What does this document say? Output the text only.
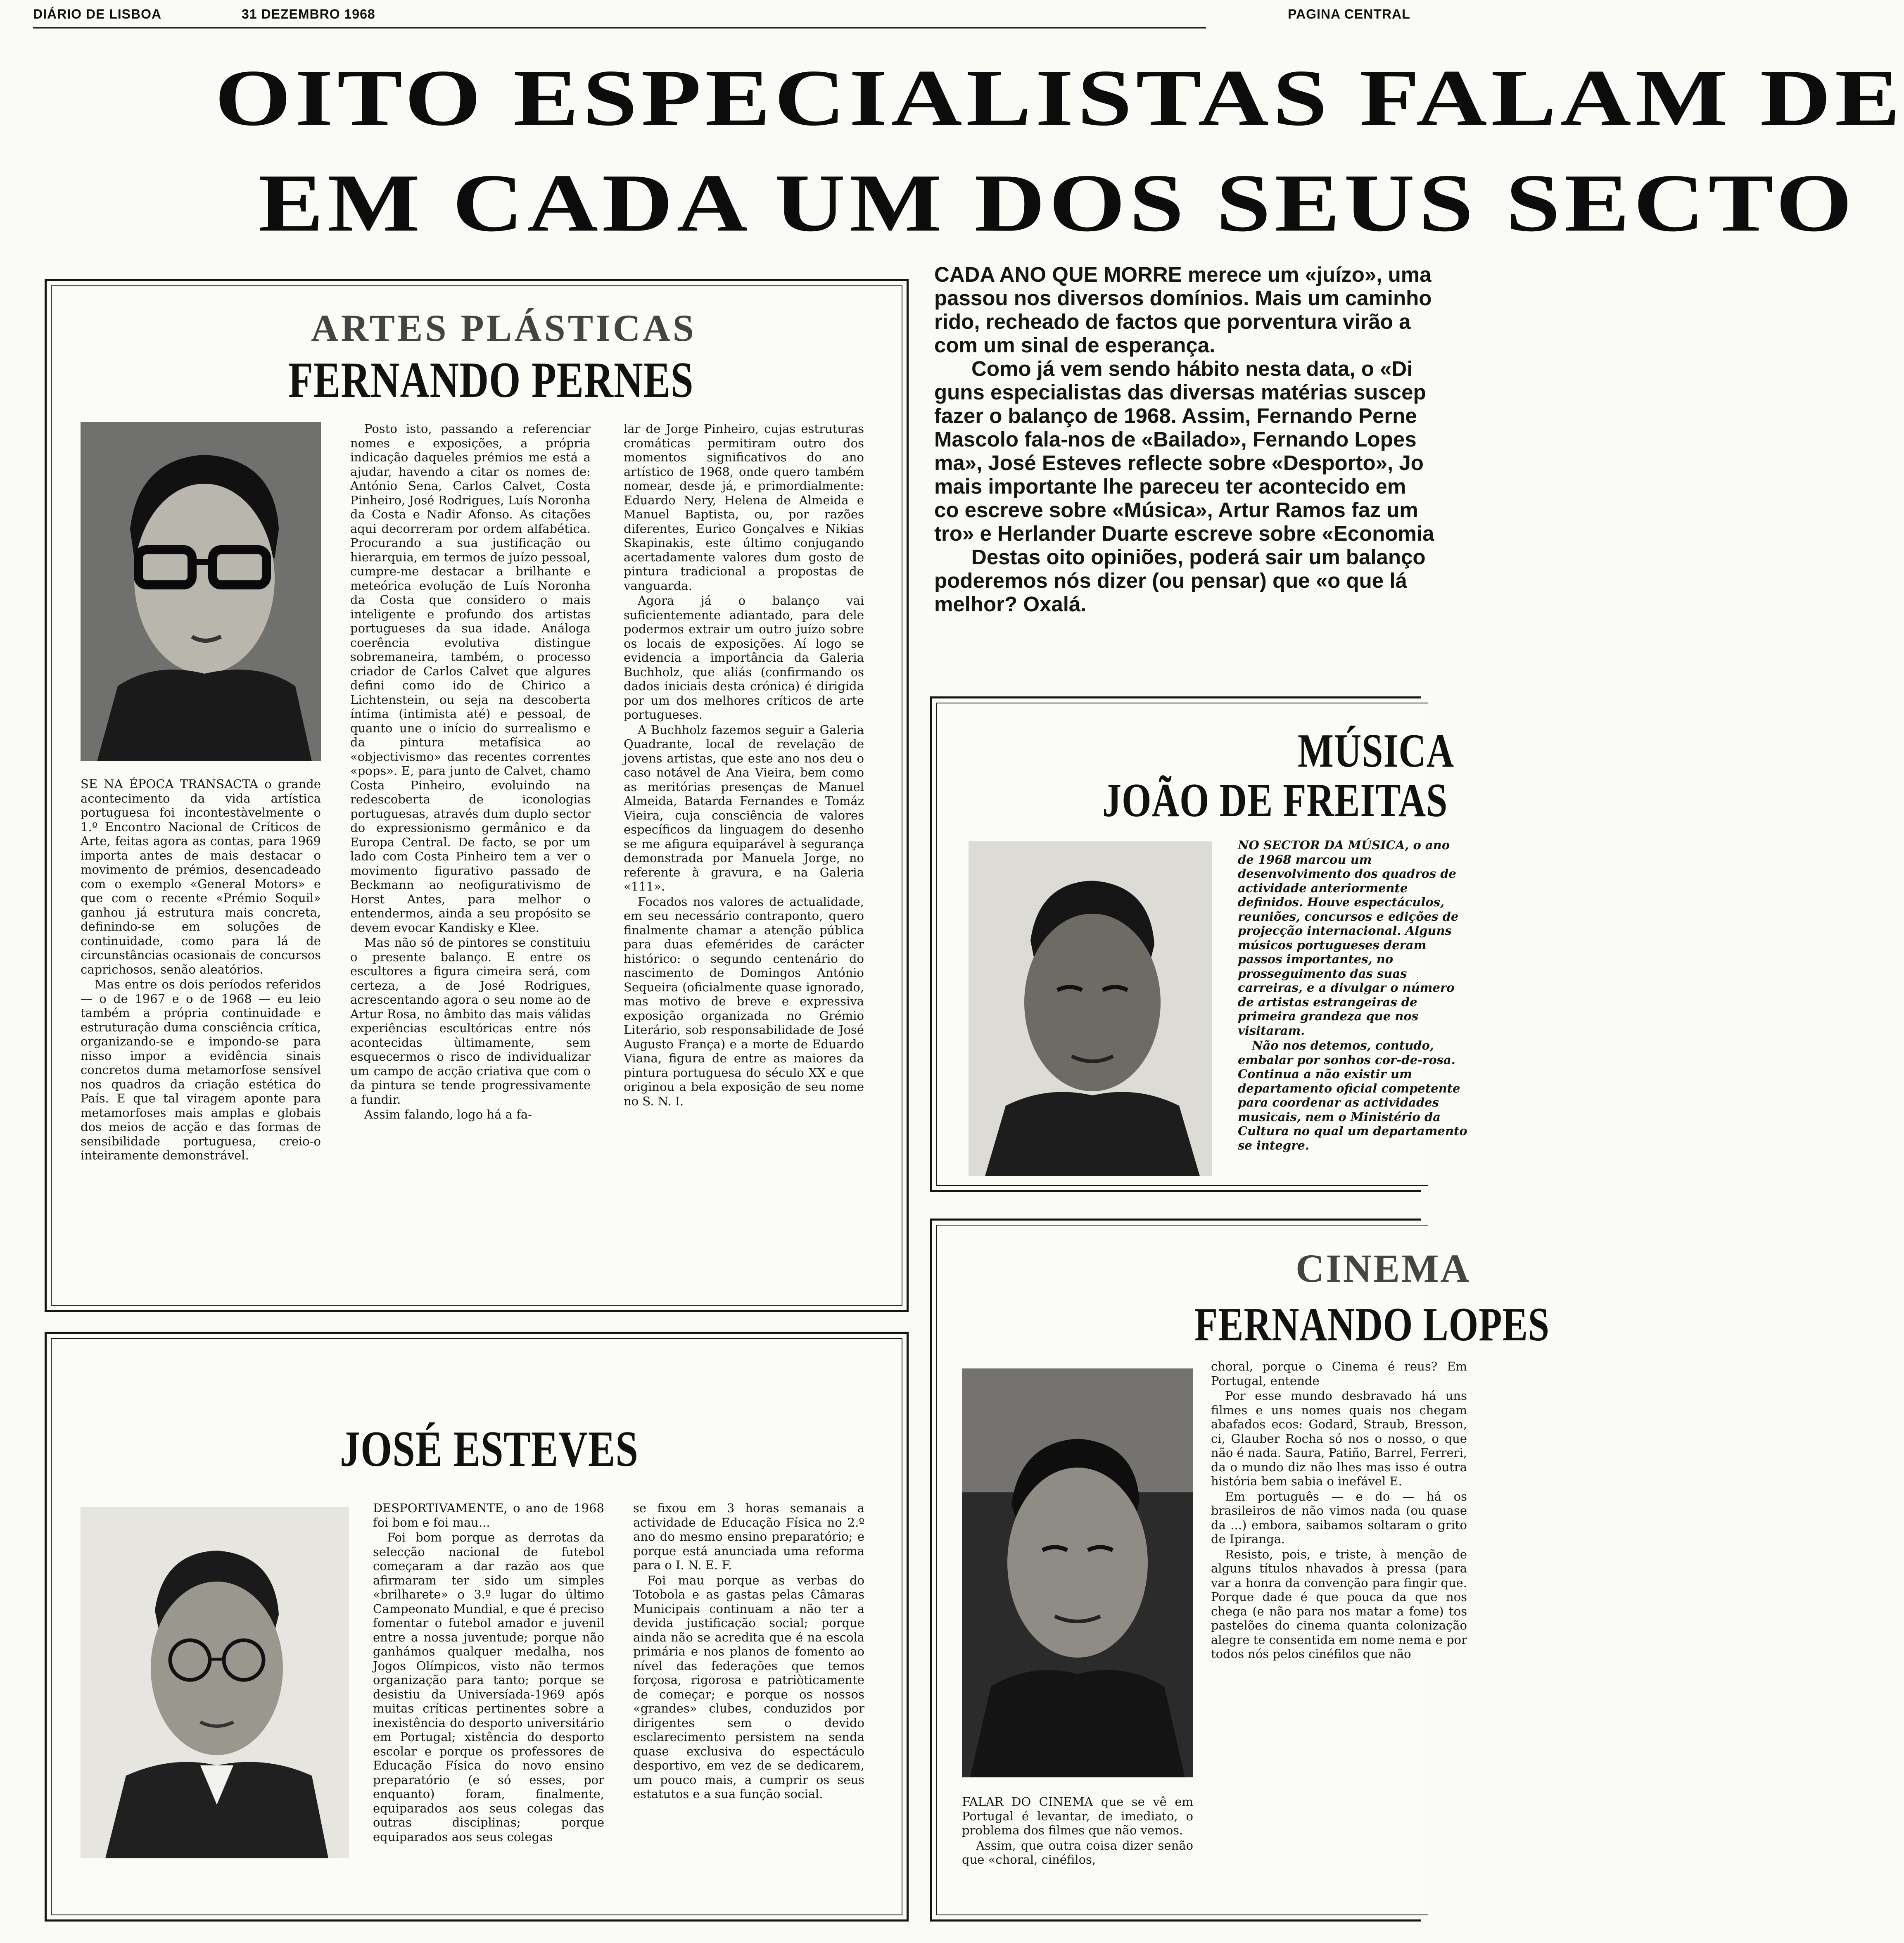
DIÁRIO DE LISBOA	31 DEZEMBRO 1968	PAGINA CENTRAL
OITO ESPECIALISTAS FALAM DE
EM CADA UM DOS SEUS SECTO

CADA ANO QUE MORRE merece um «juízo», uma

passou nos diversos domínios. Mais um caminho

rido, recheado de factos que porventura virão a

com um sinal de esperança.

Como já vem sendo hábito nesta data, o «Di

guns especialistas das diversas matérias suscep

fazer o balanço de 1968. Assim, Fernando Perne

Mascolo fala-nos de «Bailado», Fernando Lopes

ma», José Esteves reflecte sobre «Desporto», Jo

mais importante lhe pareceu ter acontecido em

co escreve sobre «Música», Artur Ramos faz um

tro» e Herlander Duarte escreve sobre «Economia

Destas oito opiniões, poderá sair um balanço

poderemos nós dizer (ou pensar) que «o que lá

melhor? Oxalá.

ARTES PLÁSTICAS
FERNANDO PERNES

SE NA ÉPOCA TRANSACTA o grande acontecimento da vida artística portuguesa foi incontestàvelmente o 1.º Encontro Nacional de Críticos de Arte, feitas agora as contas, para 1969 importa antes de mais destacar o movimento de prémios, desencadeado com o exemplo «General Motors» e que com o recente «Prémio Soquil» ganhou já estrutura mais concreta, definindo-se em soluções de continuidade, como para lá de circunstâncias ocasionais de concursos caprichosos, senão aleatórios.

Mas entre os dois períodos referidos — o de 1967 e o de 1968 — eu leio também a própria continuidade e estruturação duma consciência crítica, organizando-se e impondo-se para nisso impor a evidência sinais concretos duma metamorfose sensível nos quadros da criação estética do País. E que tal viragem aponte para metamorfoses mais amplas e globais dos meios de acção e das formas de sensibilidade portuguesa, creio-o inteiramente demonstrável.

Posto isto, passando a referenciar nomes e exposições, a própria indicação daqueles prémios me está a ajudar, havendo a citar os nomes de: António Sena, Carlos Calvet, Costa Pinheiro, José Rodrigues, Luís Noronha da Costa e Nadir Afonso. As citações aqui decorreram por ordem alfabética. Procurando a sua justificação ou hierarquia, em termos de juízo pessoal, cumpre-me destacar a brilhante e meteórica evolução de Luís Noronha da Costa que considero o mais inteligente e profundo dos artistas portugueses da sua idade. Análoga coerência evolutiva distingue sobremaneira, também, o processo criador de Carlos Calvet que algures defini como ido de Chirico a Lichtenstein, ou seja na descoberta íntima (intimista até) e pessoal, de quanto une o início do surrealismo e da pintura metafísica ao «objectivismo» das recentes correntes «pops». E, para junto de Calvet, chamo Costa Pinheiro, evoluindo na redescoberta de iconologias portuguesas, através dum duplo sector do expressionismo germânico e da Europa Central. De facto, se por um lado com Costa Pinheiro tem a ver o movimento figurativo passado de Beckmann ao neofigurativismo de Horst Antes, para melhor o entendermos, ainda a seu propósito se devem evocar Kandisky e Klee.

Mas não só de pintores se constituiu o presente balanço. E entre os escultores a figura cimeira será, com certeza, a de José Rodrigues, acrescentando agora o seu nome ao de Artur Rosa, no âmbito das mais válidas experiências escultóricas entre nós acontecidas ùltimamente, sem esquecermos o risco de individualizar um campo de acção criativa que com o da pintura se tende progressivamente a fundir.

Assim falando, logo há a fa-

lar de Jorge Pinheiro, cujas estruturas cromáticas permitiram outro dos momentos significativos do ano artístico de 1968, onde quero também nomear, desde já, e primordialmente: Eduardo Nery, Helena de Almeida e Manuel Baptista, ou, por razões diferentes, Eurico Gonçalves e Nikias Skapinakis, este último conjugando acertadamente valores dum gosto de pintura tradicional a propostas de vanguarda.

Agora já o balanço vai suficientemente adiantado, para dele podermos extrair um outro juízo sobre os locais de exposições. Aí logo se evidencia a importância da Galeria Buchholz, que aliás (confirmando os dados iniciais desta crónica) é dirigida por um dos melhores críticos de arte portugueses.

A Buchholz fazemos seguir a Galeria Quadrante, local de revelação de jovens artistas, que este ano nos deu o caso notável de Ana Vieira, bem como as meritórias presenças de Manuel Almeida, Batarda Fernandes e Tomáz Vieira, cuja consciência de valores específicos da linguagem do desenho se me afigura equiparável à segurança demonstrada por Manuela Jorge, no referente à gravura, e na Galeria «111».

Focados nos valores de actualidade, em seu necessário contraponto, quero finalmente chamar a atenção pública para duas efemérides de carácter histórico: o segundo centenário do nascimento de Domingos António Sequeira (oficialmente quase ignorado, mas motivo de breve e expressiva exposição organizada no Grémio Literário, sob responsabilidade de José Augusto França) e a morte de Eduardo Viana, figura de entre as maiores da pintura portuguesa do século XX e que originou a bela exposição de seu nome no S. N. I.

JOSÉ ESTEVES

DESPORTIVAMENTE, o ano de 1968 foi bom e foi mau...

Foi bom porque as derrotas da selecção nacional de futebol começaram a dar razão aos que afirmaram ter sido um simples «brilharete» o 3.º lugar do último Campeonato Mundial, e que é preciso fomentar o futebol amador e juvenil entre a nossa juventude; porque não ganhámos qualquer medalha, nos Jogos Olímpicos, visto não termos organização para tanto; porque se desistiu da Universíada-1969 após muitas críticas pertinentes sobre a inexistência do desporto universitário em Portugal; xistência do desporto escolar e porque os professores de Educação Física do novo ensino preparatório (e só esses, por enquanto) foram, finalmente, equiparados aos seus colegas das outras disciplinas; porque equiparados aos seus colegas

se fixou em 3 horas semanais a actividade de Educação Física no 2.º ano do mesmo ensino preparatório; e porque está anunciada uma reforma para o I. N. E. F.

Foi mau porque as verbas do Totobola e as gastas pelas Câmaras Municipais continuam a não ter a devida justificação social; porque ainda não se acredita que é na escola primária e nos planos de fomento ao nível das federações que temos forçosa, rigorosa e patriòticamente de começar; e porque os nossos «grandes» clubes, conduzidos por dirigentes sem o devido esclarecimento persistem na senda quase exclusiva do espectáculo desportivo, em vez de se dedicarem, um pouco mais, a cumprir os seus estatutos e a sua função social.

MÚSICA
JOÃO DE FREITAS

NO SECTOR DA MÚSICA, o ano de 1968 marcou um desenvolvimento dos quadros de actividade anteriormente definidos. Houve espectáculos, reuniões, concursos e edições de projecção internacional. Alguns músicos portugueses deram passos importantes, no prosseguimento das suas carreiras, e a divulgar o número de artistas estrangeiras de primeira grandeza que nos visitaram.

Não nos detemos, contudo, embalar por sonhos cor-de-rosa. Continua a não existir um departamento oficial competente para coordenar as actividades musicais, nem o Ministério da Cultura no qual um departamento se integre.

CINEMA
FERNANDO LOPES

FALAR DO CINEMA que se vê em Portugal é levantar, de imediato, o problema dos filmes que não vemos.

Assim, que outra coisa dizer senão que «choral, cinéfilos,

choral, porque o Cinema é reus? Em Portugal, entende

Por esse mundo desbravado há uns filmes e uns nomes quais nos chegam abafados ecos: Godard, Straub, Bresson, ci, Glauber Rocha só nos o nosso, o que não é nada. Saura, Patiño, Barrel, Ferreri, da o mundo diz não lhes mas isso é outra história bem sabia o inefável E.

Em português — e do — há os brasileiros de não vimos nada (ou quase da ...) embora, saibamos soltaram o grito de Ipiranga.

Resisto, pois, e triste, à menção de alguns títulos nhavados à pressa (para var a honra da convenção para fingir que. Porque dade é que pouca da que nos chega (e não para nos matar a fome) tos pastelões do cinema quanta colonização alegre te consentida em nome nema e por todos nós pelos cinéfilos que não
